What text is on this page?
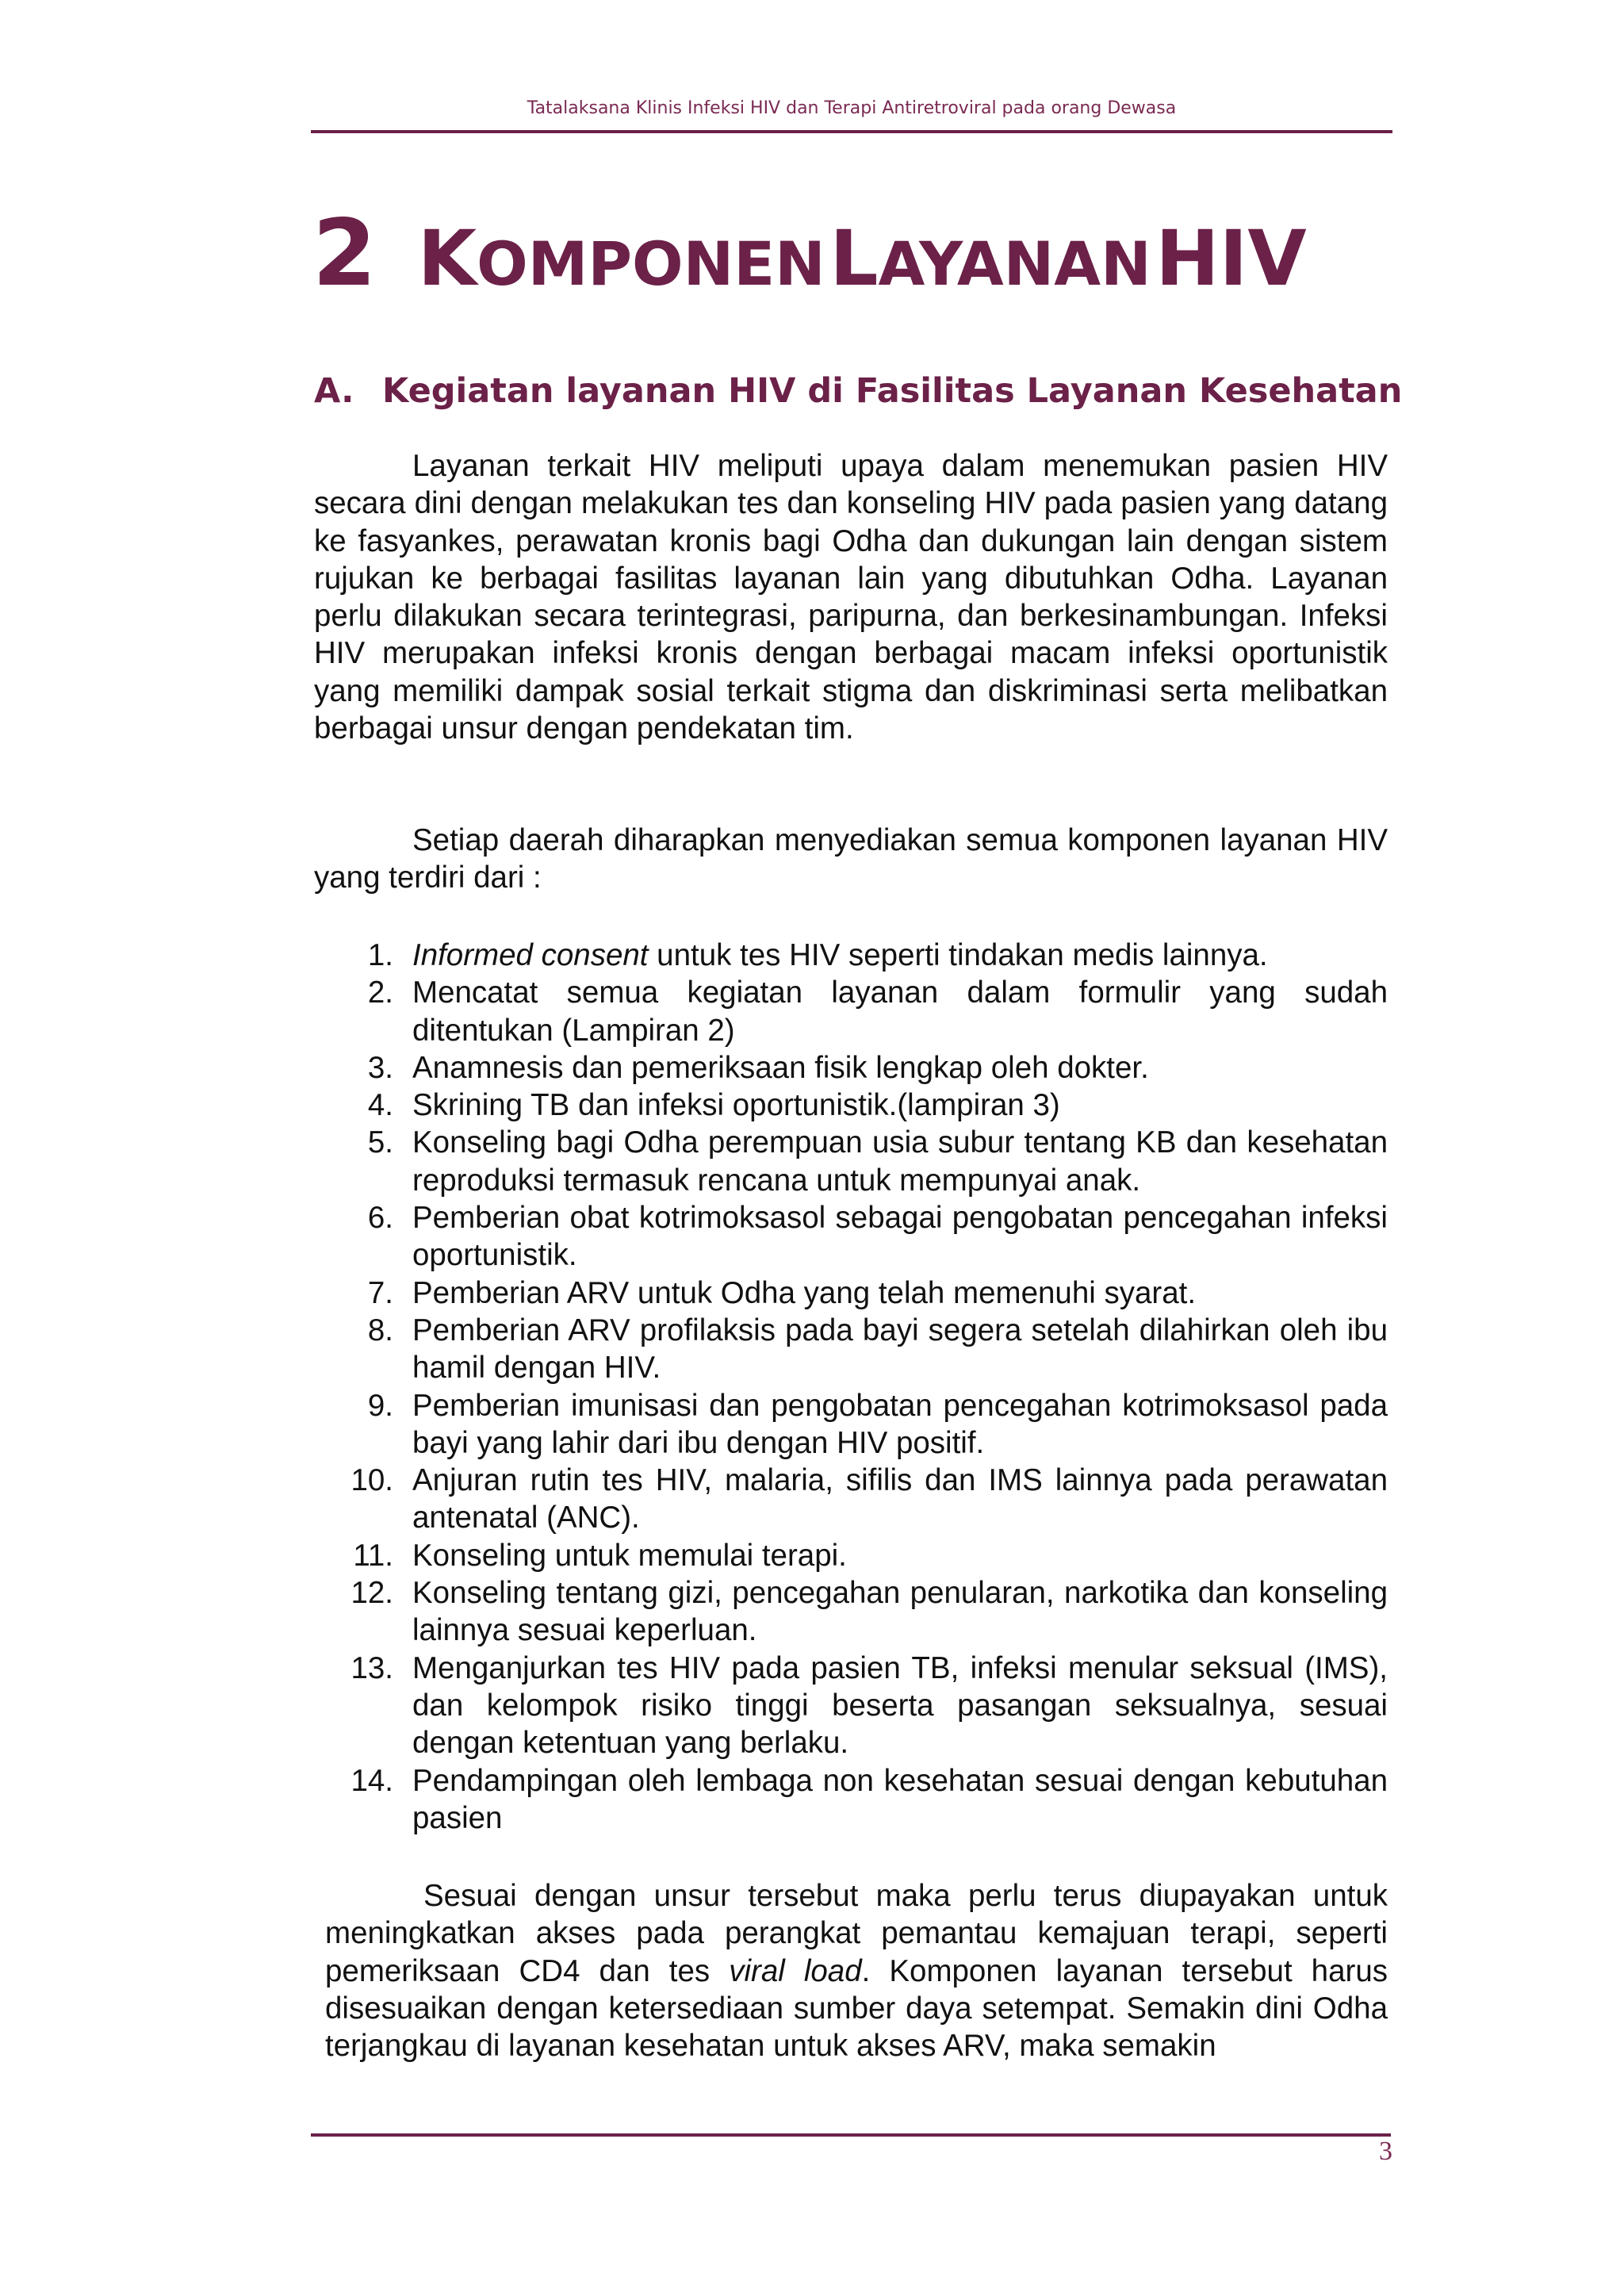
Tatalaksana Klinis Infeksi HIV dan Terapi Antiretroviral pada orang Dewasa
2 KOMPONEN LAYANAN HIV
A. Kegiatan layanan HIV di Fasilitas Layanan Kesehatan

Layanan terkait HIV meliputi upaya dalam menemukan pasien HIV secara dini dengan melakukan tes dan konseling HIV pada pasien yang datang ke fasyankes, perawatan kronis bagi Odha dan dukungan lain dengan sistem rujukan ke berbagai fasilitas layanan lain yang dibutuhkan Odha. Layanan perlu dilakukan secara terintegrasi, paripurna, dan berkesinambungan. Infeksi HIV merupakan infeksi kronis dengan berbagai macam infeksi oportunistik yang memiliki dampak sosial terkait stigma dan diskriminasi serta melibatkan berbagai unsur dengan pendekatan tim.

Setiap daerah diharapkan menyediakan semua komponen layanan HIV yang terdiri dari :

1. Informed consent untuk tes HIV seperti tindakan medis lainnya.
2. Mencatat semua kegiatan layanan dalam formulir yang sudah ditentukan (Lampiran 2)
3. Anamnesis dan pemeriksaan fisik lengkap oleh dokter.
4. Skrining TB dan infeksi oportunistik.(lampiran 3)
5. Konseling bagi Odha perempuan usia subur tentang KB dan kesehatan reproduksi termasuk rencana untuk mempunyai anak.
6. Pemberian obat kotrimoksasol sebagai pengobatan pencegahan infeksi oportunistik.
7. Pemberian ARV untuk Odha yang telah memenuhi syarat.
8. Pemberian ARV profilaksis pada bayi segera setelah dilahirkan oleh ibu hamil dengan HIV.
9. Pemberian imunisasi dan pengobatan pencegahan kotrimoksasol pada bayi yang lahir dari ibu dengan HIV positif.
10. Anjuran rutin tes HIV, malaria, sifilis dan IMS lainnya pada perawatan antenatal (ANC).
11. Konseling untuk memulai terapi.
12. Konseling tentang gizi, pencegahan penularan, narkotika dan konseling lainnya sesuai keperluan.
13. Menganjurkan tes HIV pada pasien TB, infeksi menular seksual (IMS), dan kelompok risiko tinggi beserta pasangan seksualnya, sesuai dengan ketentuan yang berlaku.
14. Pendampingan oleh lembaga non kesehatan sesuai dengan kebutuhan pasien

Sesuai dengan unsur tersebut maka perlu terus diupayakan untuk meningkatkan akses pada perangkat pemantau kemajuan terapi, seperti pemeriksaan CD4 dan tes viral load. Komponen layanan tersebut harus disesuaikan dengan ketersediaan sumber daya setempat. Semakin dini Odha terjangkau di layanan kesehatan untuk akses ARV, maka semakin

3
